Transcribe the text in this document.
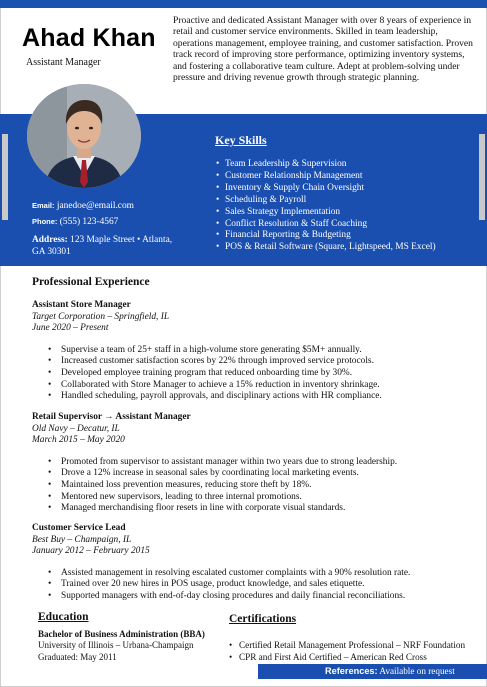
Ahad Khan
Assistant Manager
Proactive and dedicated Assistant Manager with over 8 years of experience in retail and customer service environments. Skilled in team leadership, operations management, employee training, and customer satisfaction. Proven track record of improving store performance, optimizing inventory systems, and fostering a collaborative team culture. Adept at problem-solving under pressure and driving revenue growth through strategic planning.
Email: janedoe@email.com
Phone: (555) 123-4567
Address: 123 Maple Street • Atlanta, GA 30301
Key Skills
• Team Leadership & Supervision
• Customer Relationship Management
• Inventory & Supply Chain Oversight
• Scheduling & Payroll
• Sales Strategy Implementation
• Conflict Resolution & Staff Coaching
• Financial Reporting & Budgeting
• POS & Retail Software (Square, Lightspeed, MS Excel)
Professional Experience
Assistant Store Manager
Target Corporation – Springfield, IL
June 2020 – Present
• Supervise a team of 25+ staff in a high-volume store generating $5M+ annually.
• Increased customer satisfaction scores by 22% through improved service protocols.
• Developed employee training program that reduced onboarding time by 30%.
• Collaborated with Store Manager to achieve a 15% reduction in inventory shrinkage.
• Handled scheduling, payroll approvals, and disciplinary actions with HR compliance.
Retail Supervisor → Assistant Manager
Old Navy – Decatur, IL
March 2015 – May 2020
• Promoted from supervisor to assistant manager within two years due to strong leadership.
• Drove a 12% increase in seasonal sales by coordinating local marketing events.
• Maintained loss prevention measures, reducing store theft by 18%.
• Mentored new supervisors, leading to three internal promotions.
• Managed merchandising floor resets in line with corporate visual standards.
Customer Service Lead
Best Buy – Champaign, IL
January 2012 – February 2015
• Assisted management in resolving escalated customer complaints with a 90% resolution rate.
• Trained over 20 new hires in POS usage, product knowledge, and sales etiquette.
• Supported managers with end-of-day closing procedures and daily financial reconciliations.
Education
Bachelor of Business Administration (BBA)
University of Illinois – Urbana-Champaign
Graduated: May 2011
Certifications
• Certified Retail Management Professional – NRF Foundation
• CPR and First Aid Certified – American Red Cross
References: Available on request
